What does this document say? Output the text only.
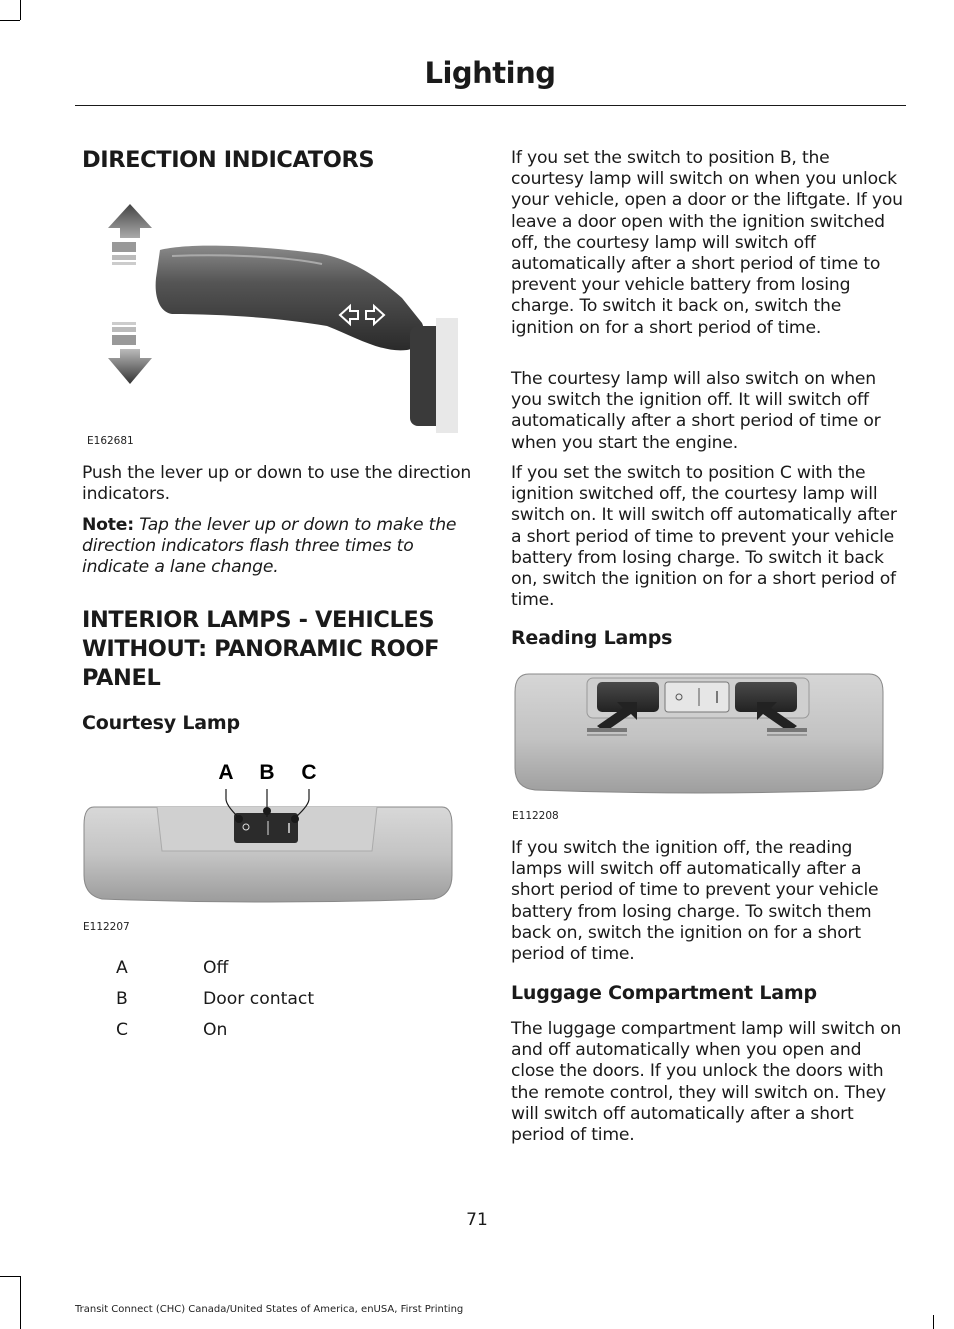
Lighting
DIRECTION INDICATORS
E162681

Push the lever up or down to use the direction indicators.

Note: Tap the lever up or down to make the direction indicators flash three times to indicate a lane change.

INTERIOR LAMPS - VEHICLES
WITHOUT: PANORAMIC ROOF
PANEL
Courtesy Lamp
A B C
E112207
A	Off
B	Door contact
C	On

If you set the switch to position B, the courtesy lamp will switch on when you unlock your vehicle, open a door or the liftgate. If you leave a door open with the ignition switched off, the courtesy lamp will switch off automatically after a short period of time to prevent your vehicle battery from losing charge. To switch it back on, switch the ignition on for a short period of time.

The courtesy lamp will also switch on when you switch the ignition off. It will switch off automatically after a short period of time or when you start the engine.

If you set the switch to position C with the ignition switched off, the courtesy lamp will switch on. It will switch off automatically after a short period of time to prevent your vehicle battery from losing charge. To switch it back on, switch the ignition on for a short period of time.

Reading Lamps
E112208

If you switch the ignition off, the reading lamps will switch off automatically after a short period of time to prevent your vehicle battery from losing charge. To switch them back on, switch the ignition on for a short period of time.

Luggage Compartment Lamp

The luggage compartment lamp will switch on and off automatically when you open and close the doors. If you unlock the doors with the remote control, they will switch on. They will switch off automatically after a short period of time.

71
Transit Connect (CHC) Canada/United States of America, enUSA, First Printing
